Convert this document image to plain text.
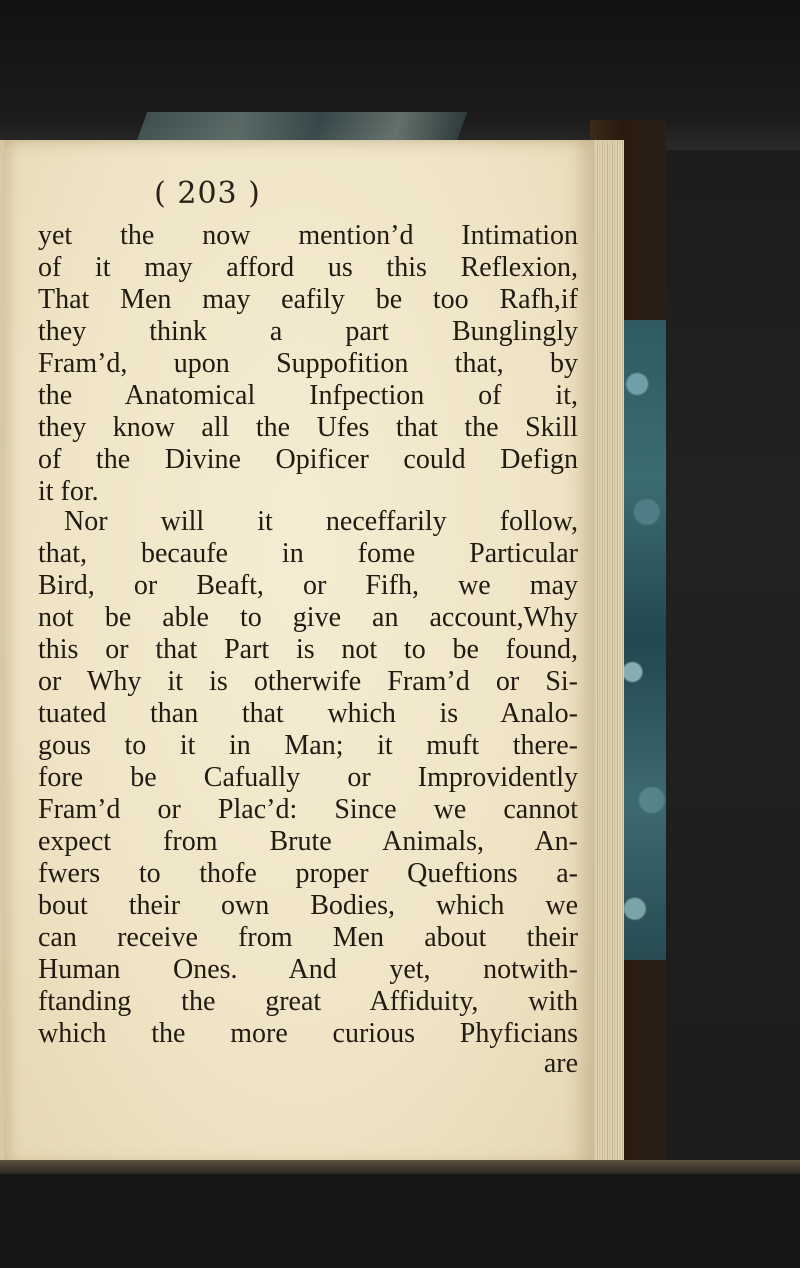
( 203 )
yet the now mention’d Intimation
of it may afford us this Reflexion,
That Men may eafily be too Rafh,if
they think a part Bunglingly
Fram’d, upon Suppofition that, by
the Anatomical Infpection of it,
they know all the Ufes that the Skill
of the Divine Opificer could Defign
it for.
Nor will it neceffarily follow,
that, becaufe in fome Particular
Bird, or Beaft, or Fifh, we may
not be able to give an account,Why
this or that Part is not to be found,
or Why it is otherwife Fram’d or Si-
tuated than that which is Analo-
gous to it in Man; it muft there-
fore be Cafually or Improvidently
Fram’d or Plac’d: Since we cannot
expect from Brute Animals, An-
fwers to thofe proper Queftions a-
bout their own Bodies, which we
can receive from Men about their
Human Ones. And yet, notwith-
ftanding the great Affiduity, with
which the more curious Phyficians
are
